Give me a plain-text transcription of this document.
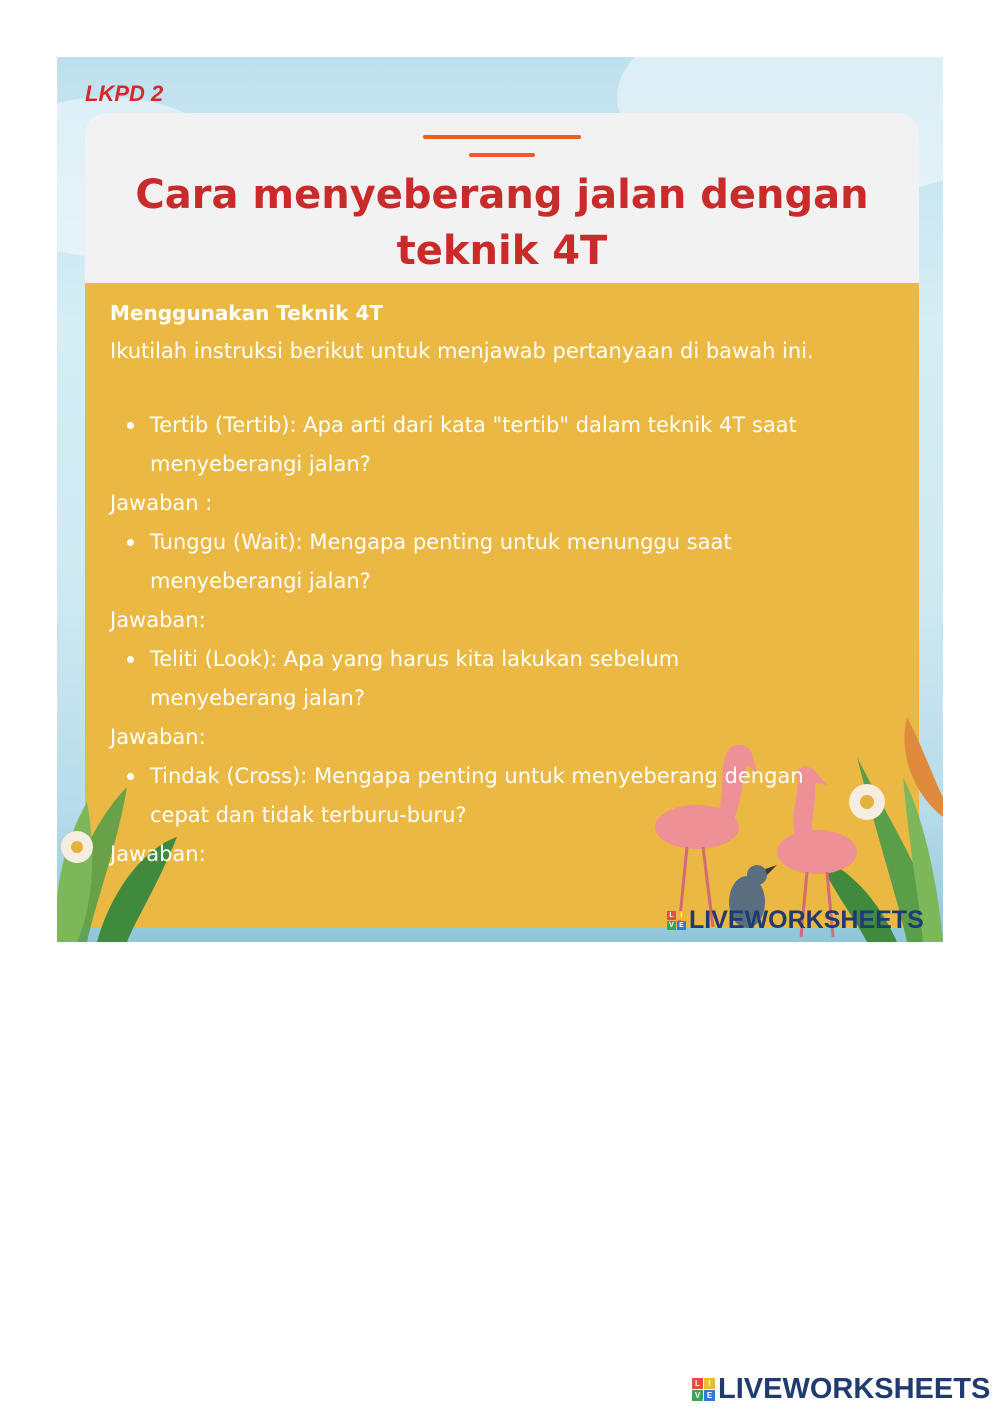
LKPD 2
Cara menyeberang jalan dengan
teknik 4T

Menggunakan Teknik 4T

Ikutilah instruksi berikut untuk menjawab pertanyaan di bawah ini.

Tertib (Tertib): Apa arti dari kata "tertib" dalam teknik 4T saat
menyeberangi jalan?

Jawaban :

Tunggu (Wait): Mengapa penting untuk menunggu saat
menyeberangi jalan?

Jawaban:

Teliti (Look): Apa yang harus kita lakukan sebelum
menyeberang jalan?

Jawaban:

Tindak (Cross): Mengapa penting untuk menyeberang dengan
cepat dan tidak terburu-buru?

Jawaban:

L I
V E LIVEWORKSHEETS
L	I
V E LIVEWORKSHEETS
